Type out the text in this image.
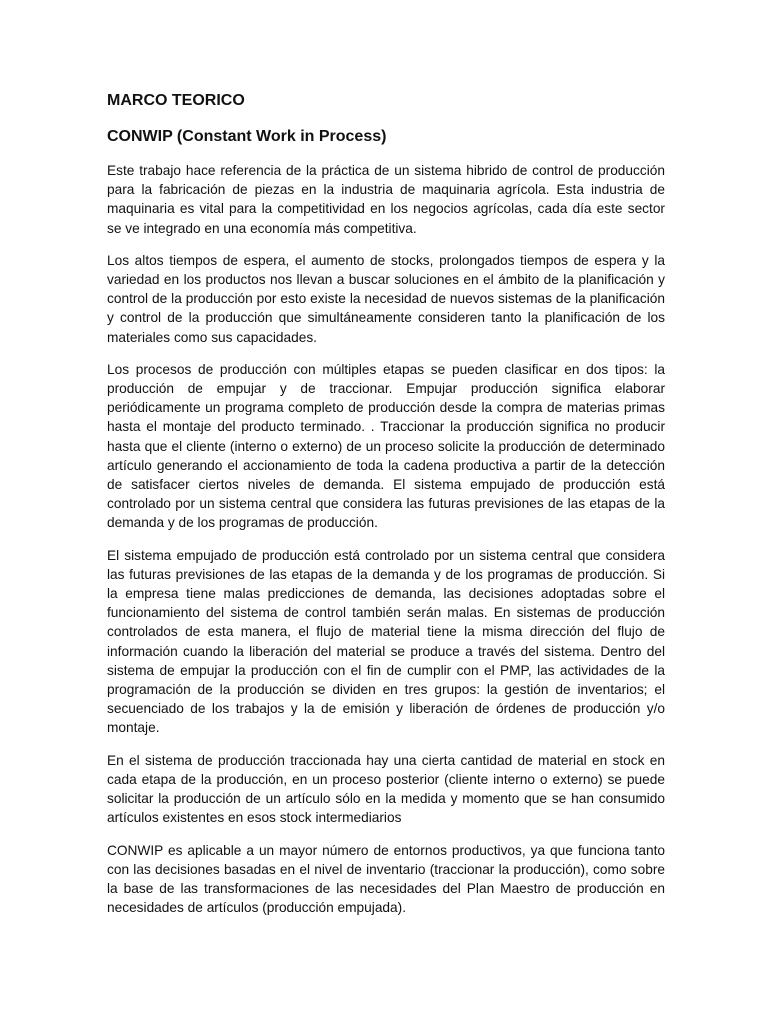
MARCO TEORICO
CONWIP (Constant Work in Process)

Este trabajo hace referencia de la práctica de un sistema hibrido de control de producción para la fabricación de piezas en la industria de maquinaria agrícola. Esta industria de maquinaria es vital para la competitividad en los negocios agrícolas, cada día este sector se ve integrado en una economía más competitiva.

Los altos tiempos de espera, el aumento de stocks, prolongados tiempos de espera y la variedad en los productos nos llevan a buscar soluciones en el ámbito de la planificación y control de la producción por esto existe la necesidad de nuevos sistemas de la planificación y control de la producción que simultáneamente consideren tanto la planificación de los materiales como sus capacidades.

Los procesos de producción con múltiples etapas se pueden clasificar en dos tipos: la producción de empujar y de traccionar. Empujar producción significa elaborar periódicamente un programa completo de producción desde la compra de materias primas hasta el montaje del producto terminado. . Traccionar la producción significa no producir hasta que el cliente (interno o externo) de un proceso solicite la producción de determinado artículo generando el accionamiento de toda la cadena productiva a partir de la detección de satisfacer ciertos niveles de demanda. El sistema empujado de producción está controlado por un sistema central que considera las futuras previsiones de las etapas de la demanda y de los programas de producción.

El sistema empujado de producción está controlado por un sistema central que considera las futuras previsiones de las etapas de la demanda y de los programas de producción. Si la empresa tiene malas predicciones de demanda, las decisiones adoptadas sobre el funcionamiento del sistema de control también serán malas. En sistemas de producción controlados de esta manera, el flujo de material tiene la misma dirección del flujo de información cuando la liberación del material se produce a través del sistema. Dentro del sistema de empujar la producción con el fin de cumplir con el PMP, las actividades de la programación de la producción se dividen en tres grupos: la gestión de inventarios; el secuenciado de los trabajos y la de emisión y liberación de órdenes de producción y/o montaje.

En el sistema de producción traccionada hay una cierta cantidad de material en stock en cada etapa de la producción, en un proceso posterior (cliente interno o externo) se puede solicitar la producción de un artículo sólo en la medida y momento que se han consumido artículos existentes en esos stock intermediarios

CONWIP es aplicable a un mayor número de entornos productivos, ya que funciona tanto con las decisiones basadas en el nivel de inventario (traccionar la producción), como sobre la base de las transformaciones de las necesidades del Plan Maestro de producción en necesidades de artículos (producción empujada).
